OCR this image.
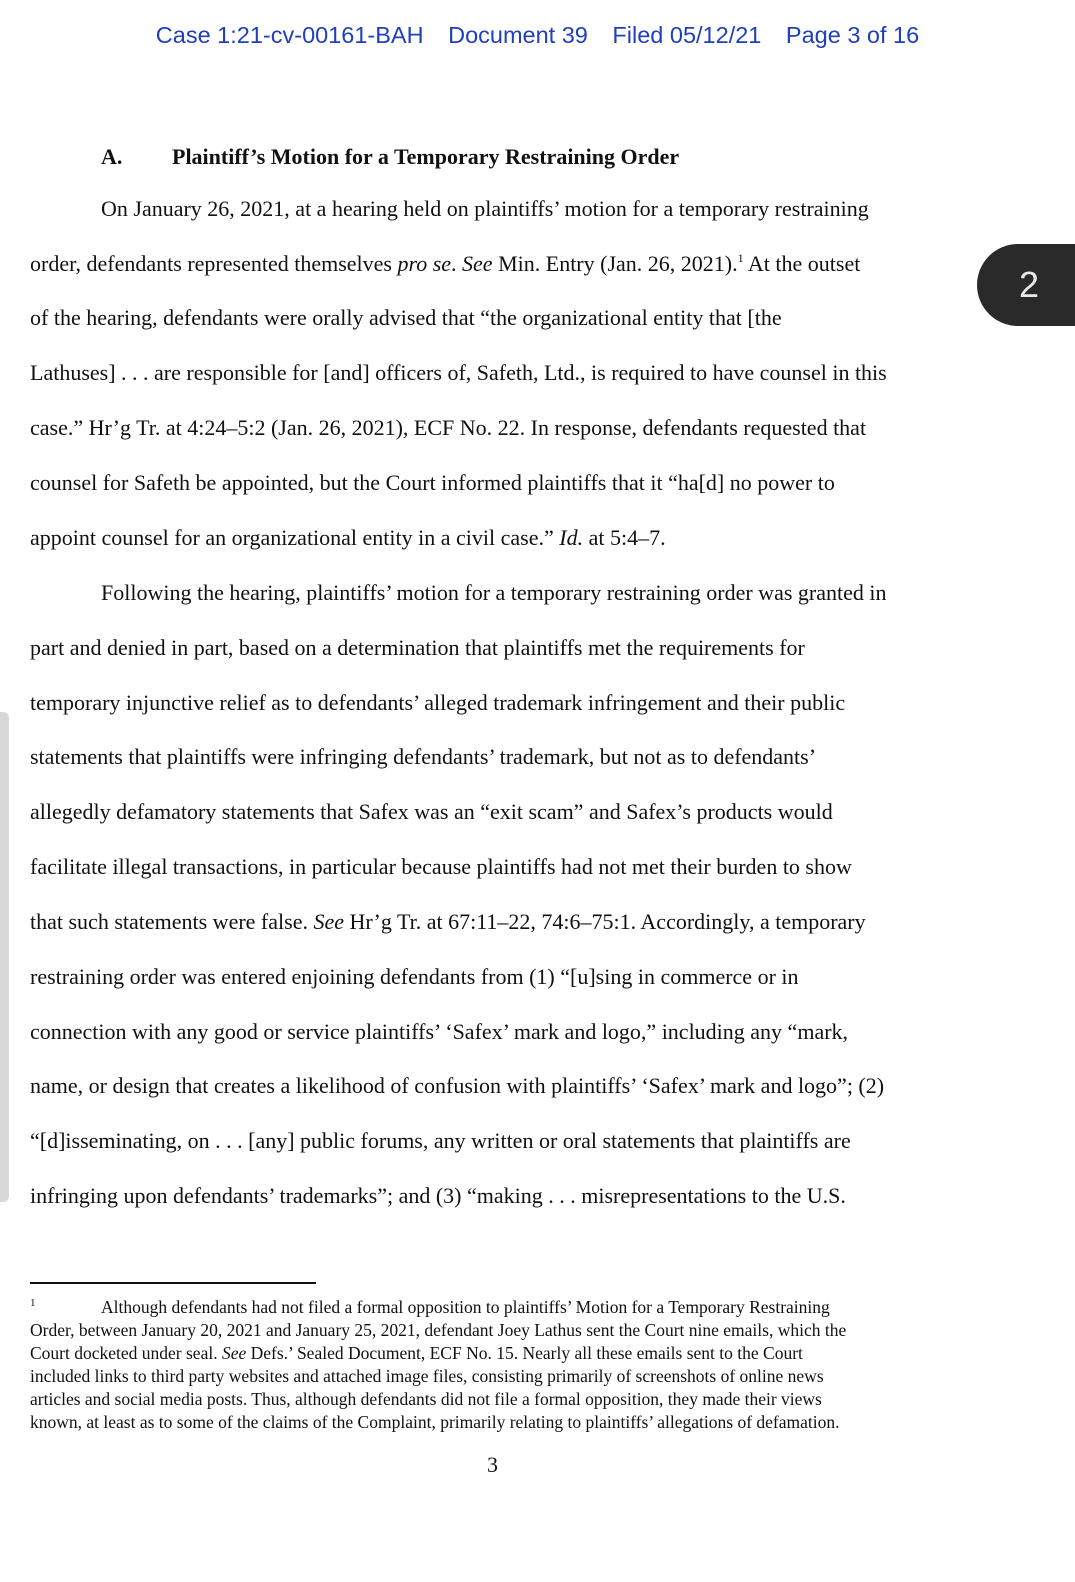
Case 1:21-cv-00161-BAH Document 39 Filed 05/12/21 Page 3 of 16
A. Plaintiff’s Motion for a Temporary Restraining Order
On January 26, 2021, at a hearing held on plaintiffs’ motion for a temporary restraining
order, defendants represented themselves pro se. See Min. Entry (Jan. 26, 2021).$^1$ At the outset
of the hearing, defendants were orally advised that “the organizational entity that [the
Lathuses] . . . are responsible for [and] officers of, Safeth, Ltd., is required to have counsel in this
case.” Hr’g Tr. at 4:24–5:2 (Jan. 26, 2021), ECF No. 22. In response, defendants requested that
counsel for Safeth be appointed, but the Court informed plaintiffs that it “ha[d] no power to
appoint counsel for an organizational entity in a civil case.” Id. at 5:4–7.
Following the hearing, plaintiffs’ motion for a temporary restraining order was granted in
part and denied in part, based on a determination that plaintiffs met the requirements for
temporary injunctive relief as to defendants’ alleged trademark infringement and their public
statements that plaintiffs were infringing defendants’ trademark, but not as to defendants’
allegedly defamatory statements that Safex was an “exit scam” and Safex’s products would
facilitate illegal transactions, in particular because plaintiffs had not met their burden to show
that such statements were false. See Hr’g Tr. at 67:11–22, 74:6–75:1. Accordingly, a temporary
restraining order was entered enjoining defendants from (1) “[u]sing in commerce or in
connection with any good or service plaintiffs’ ‘Safex’ mark and logo,” including any “mark,
name, or design that creates a likelihood of confusion with plaintiffs’ ‘Safex’ mark and logo”; (2)
“[d]isseminating, on . . . [any] public forums, any written or oral statements that plaintiffs are
infringing upon defendants’ trademarks”; and (3) “making . . . misrepresentations to the U.S.
1	Although defendants had not filed a formal opposition to plaintiffs’ Motion for a Temporary Restraining
Order, between January 20, 2021 and January 25, 2021, defendant Joey Lathus sent the Court nine emails, which the
Court docketed under seal. See Defs.’ Sealed Document, ECF No. 15. Nearly all these emails sent to the Court
included links to third party websites and attached image files, consisting primarily of screenshots of online news
articles and social media posts. Thus, although defendants did not file a formal opposition, they made their views
known, at least as to some of the claims of the Complaint, primarily relating to plaintiffs’ allegations of defamation.
3
2
